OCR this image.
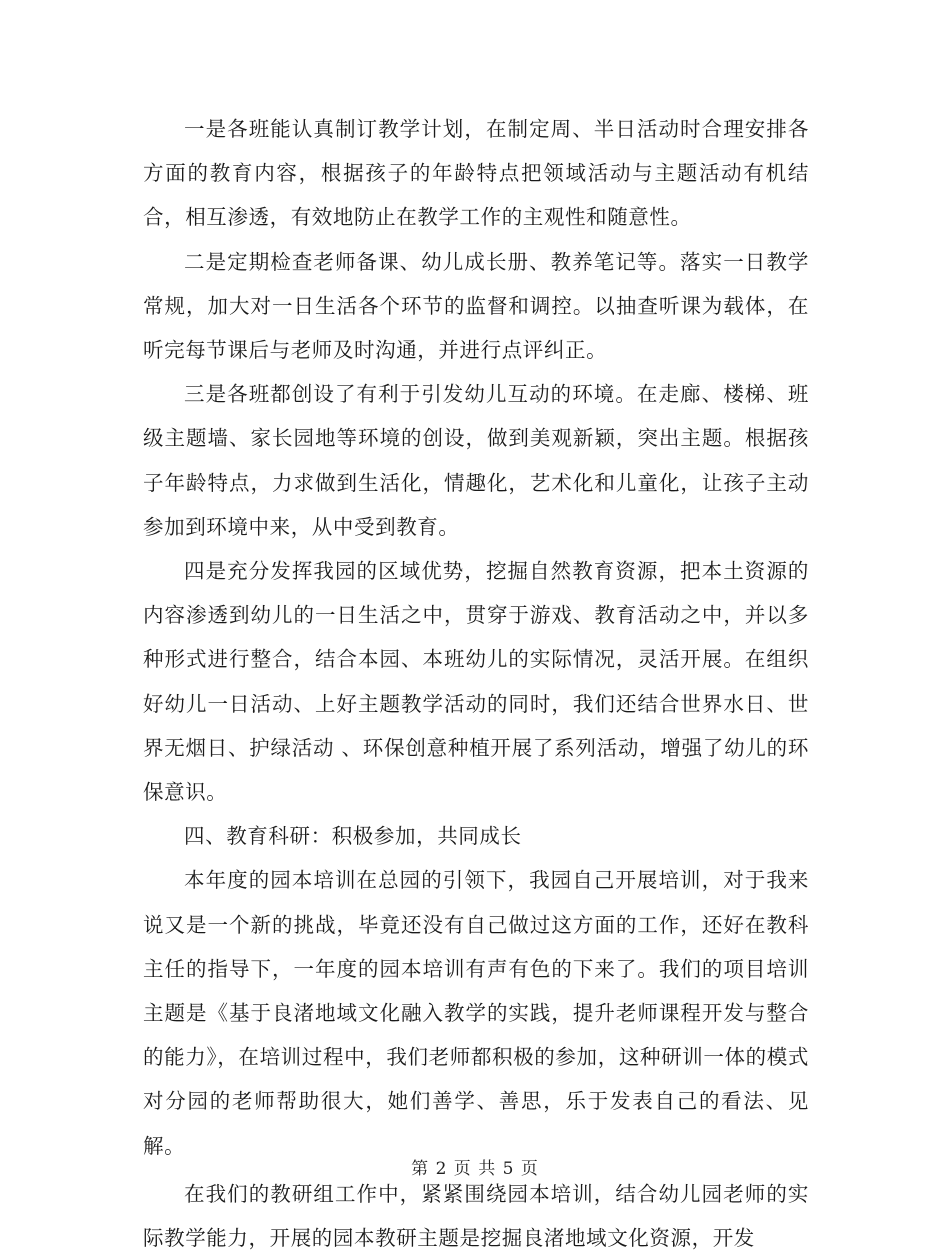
一是各班能认真制订教学计划，在制定周、半日活动时合理安排各方面的教育内容，根据孩子的年龄特点把领域活动与主题活动有机结合，相互渗透，有效地防止在教学工作的主观性和随意性。

二是定期检查老师备课、幼儿成长册、教养笔记等。落实一日教学常规，加大对一日生活各个环节的监督和调控。以抽查听课为载体，在听完每节课后与老师及时沟通，并进行点评纠正。

三是各班都创设了有利于引发幼儿互动的环境。在走廊、楼梯、班级主题墙、家长园地等环境的创设，做到美观新颖，突出主题。根据孩子年龄特点，力求做到生活化，情趣化，艺术化和儿童化，让孩子主动参加到环境中来，从中受到教育。

四是充分发挥我园的区域优势，挖掘自然教育资源，把本土资源的内容渗透到幼儿的一日生活之中，贯穿于游戏、教育活动之中，并以多种形式进行整合，结合本园、本班幼儿的实际情况，灵活开展。在组织好幼儿一日活动、上好主题教学活动的同时，我们还结合世界水日、世界无烟日、护绿活动 、环保创意种植开展了系列活动，增强了幼儿的环保意识。

四、教育科研：积极参加，共同成长

本年度的园本培训在总园的引领下，我园自己开展培训，对于我来说又是一个新的挑战，毕竟还没有自己做过这方面的工作，还好在教科主任的指导下，一年度的园本培训有声有色的下来了。我们的项目培训主题是《基于良渚地域文化融入教学的实践，提升老师课程开发与整合的能力》，在培训过程中，我们老师都积极的参加，这种研训一体的模式对分园的老师帮助很大，她们善学、善思，乐于发表自己的看法、见解。

在我们的教研组工作中，紧紧围绕园本培训，结合幼儿园老师的实际教学能力，开展的园本教研主题是挖掘良渚地域文化资源，开发

第 2 页 共 5 页
